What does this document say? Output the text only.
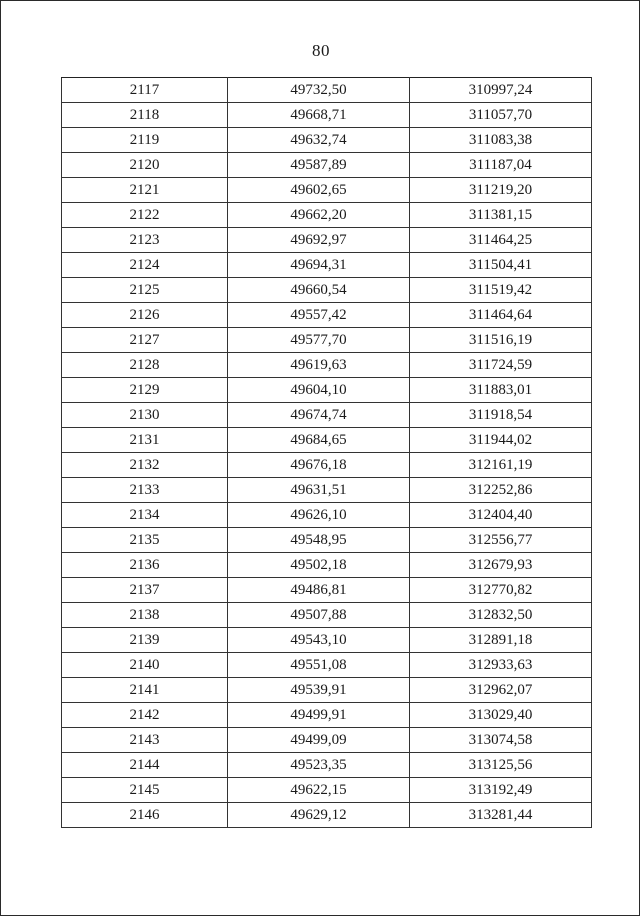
80
2117	49732,50	310997,24
2118	49668,71	311057,70
2119	49632,74	311083,38
2120	49587,89	311187,04
2121	49602,65	311219,20
2122	49662,20	311381,15
2123	49692,97	311464,25
2124	49694,31	311504,41
2125	49660,54	311519,42
2126	49557,42	311464,64
2127	49577,70	311516,19
2128	49619,63	311724,59
2129	49604,10	311883,01
2130	49674,74	311918,54
2131	49684,65	311944,02
2132	49676,18	312161,19
2133	49631,51	312252,86
2134	49626,10	312404,40
2135	49548,95	312556,77
2136	49502,18	312679,93
2137	49486,81	312770,82
2138	49507,88	312832,50
2139	49543,10	312891,18
2140	49551,08	312933,63
2141	49539,91	312962,07
2142	49499,91	313029,40
2143	49499,09	313074,58
2144	49523,35	313125,56
2145	49622,15	313192,49
2146	49629,12	313281,44
